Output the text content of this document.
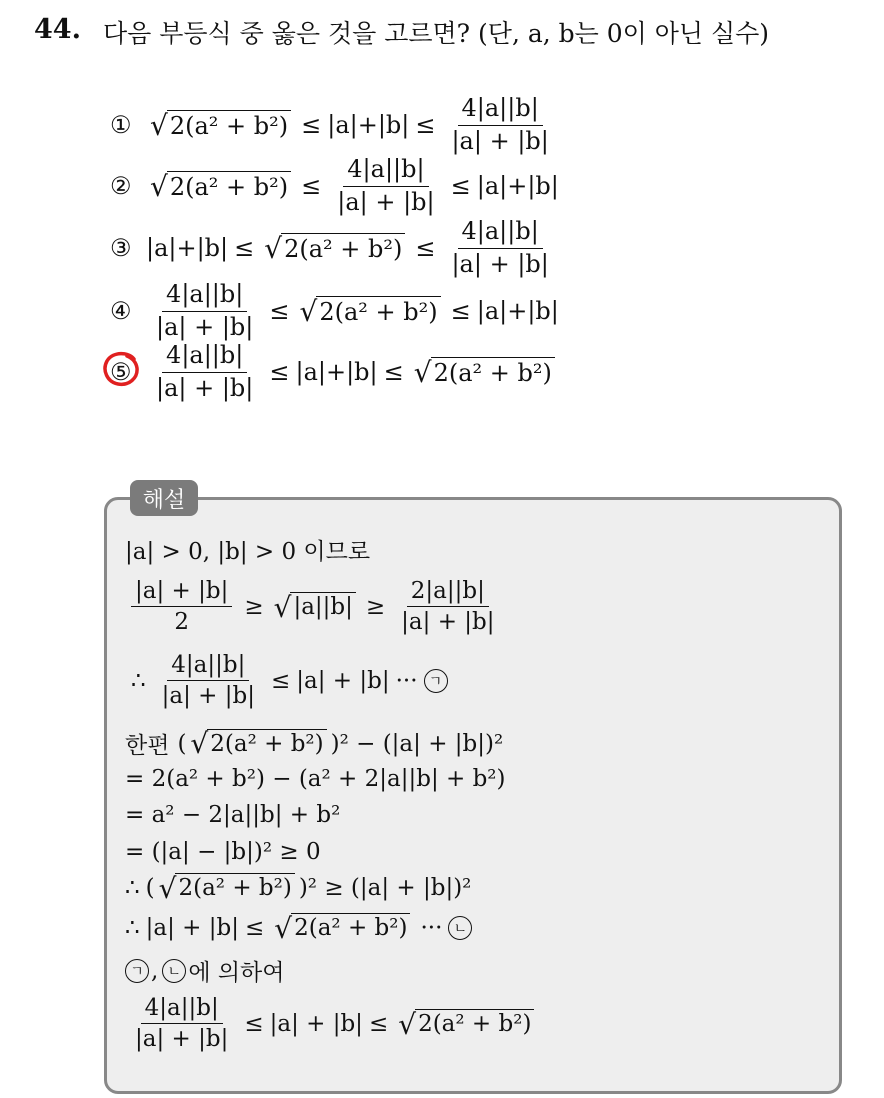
44. 다음 부등식 중 옳은 것을 고르면? (단, a, b는 0이 아닌 실수)
① √ $2(a^2 + b^2) \le |a|+|b| \le \frac{4|a||b|}{|a| + |b|}$
② √ $2(a^2 + b^2) \le \frac{4|a||b|}{|a| + |b|} \le |a|+|b|$
③ |a|+|b| ≤ √ $2(a^2 + b^2) \le \frac{4|a||b|}{|a| + |b|}$
④ $\frac{4|a||b|}{|a| + |b|}$ ≤ √ 2(a² + b²) ≤ |a|+|b|
⑤ $\frac{4|a||b|}{|a| + |b|} \le |a|+|b|$ ≤ √ 2(a² + b²)
해설
|a| > 0, |b| > 0 이므로
$\frac{|a| + |b|}{2}$ ≥ √ $|a||b| \ge \frac{2|a||b|}{|a| + |b|}$
∴ $\frac{4|a||b|}{|a| + |b|} \le |a| + |b|$ ··· ㄱ
한편 ( √ 2(a² + b²) )² − (|a| + |b|)²
= 2(a² + b²) − (a² + 2|a||b| + b²)
= a² − 2|a||b| + b²
= (|a| − |b|)² ≥ 0
∴ ( √ 2(a² + b²) )² ≥ (|a| + |b|)²
∴ |a| + |b| ≤ √ 2(a² + b²) ··· ㄴ
ㄱ , ㄴ 에 의하여
$\frac{4|a||b|}{|a| + |b|} \le |a| + |b|$ ≤ √ 2(a² + b²)
